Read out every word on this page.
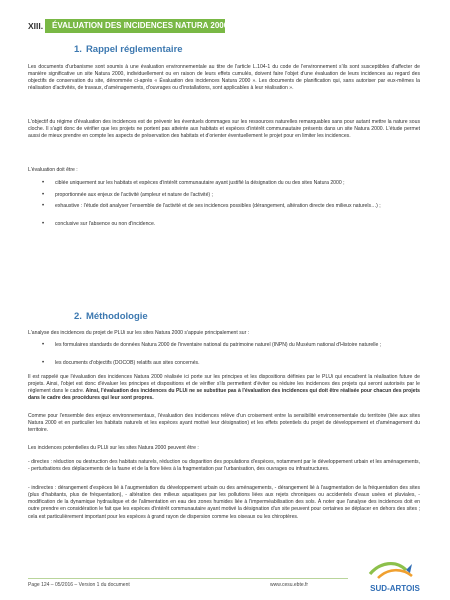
XIII. ÉVALUATION DES INCIDENCES NATURA 2000
1. Rappel réglementaire
Les documents d'urbanisme sont soumis à une évaluation environnementale au titre de l'article L.104-1 du code de l'environnement s'ils sont susceptibles d'affecter de manière significative un site Natura 2000, individuellement ou en raison de leurs effets cumulés, doivent faire l'objet d'une évaluation de leurs incidences au regard des objectifs de conservation du site, dénommée ci-après « Évaluation des incidences Natura 2000 ». Les documents de planification qui, sans autoriser par eux-mêmes la réalisation d'activités, de travaux, d'aménagements, d'ouvrages ou d'installations, sont applicables à leur réalisation ».
L'objectif du régime d'évaluation des incidences est de prévenir les éventuels dommages sur les ressources naturelles remarquables sans pour autant mettre la nature sous cloche. Il s'agit donc de vérifier que les projets ne portent pas atteinte aux habitats et espèces d'intérêt communautaire présents dans un site Natura 2000. L'étude permet aussi de mieux prendre en compte les aspects de préservation des habitats et d'orienter éventuellement le projet pour en limiter les incidences.
L'évaluation doit être :
• ciblée uniquement sur les habitats et espèces d'intérêt communautaire ayant justifié la désignation du ou des sites Natura 2000 ;
• proportionnée aux enjeux de l'activité (ampleur et nature de l'activité) ;
• exhaustive : l'étude doit analyser l'ensemble de l'activité et de ses incidences possibles (dérangement, altération directe des milieux naturels…) ;
• conclusive sur l'absence ou non d'incidence.
2. Méthodologie
L'analyse des incidences du projet de PLUi sur les sites Natura 2000 s'appuie principalement sur :
• les formulaires standards de données Natura 2000 de l'inventaire national du patrimoine naturel (INPN) du Muséum national d'Histoire naturelle ;
• les documents d'objectifs (DOCOB) relatifs aux sites concernés.
Il est rappelé que l'évaluation des incidences Natura 2000 réalisée ici porte sur les principes et les dispositions définies par le PLUi qui encadrent la réalisation future de projets. Ainsi, l'objet est donc d'évaluer les principes et dispositions et de vérifier s'ils permettent d'éviter ou réduire les incidences des projets qui seront autorisés par le règlement dans le cadre. Ainsi, l'évaluation des incidences du PLUi ne se substitue pas à l'évaluation des incidences qui doit être réalisée pour chacun des projets dans le cadre des procédures qui leur sont propres.
Comme pour l'ensemble des enjeux environnementaux, l'évaluation des incidences relève d'un croisement entre la sensibilité environnementale du territoire (liée aux sites Natura 2000 et en particulier les habitats naturels et les espèces ayant motivé leur désignation) et les effets potentiels du projet de développement et d'aménagement du territoire.
Les incidences potentielles du PLUi sur les sites Natura 2000 peuvent être :
- directes : réduction ou destruction des habitats naturels, réduction ou disparition des populations d'espèces, notamment par le développement urbain et les aménagements, - perturbations des déplacements de la faune et de la flore liées à la fragmentation par l'urbanisation, des ouvrages ou infrastructures.
- indirectes : dérangement d'espèces lié à l'augmentation du développement urbain ou des aménagements, - dérangement lié à l'augmentation de la fréquentation des sites (plus d'habitants, plus de fréquentation), - altération des milieux aquatiques par les pollutions liées aux rejets chroniques ou accidentels d'eaux usées et pluviales, - modification de la dynamique hydraulique et de l'alimentation en eau des zones humides liée à l'imperméabilisation des sols. À noter que l'analyse des incidences doit en outre prendre en considération le fait que les espèces d'intérêt communautaire ayant motivé la désignation d'un site peuvent pour certaines se déplacer en dehors des sites ; cela est particulièrement important pour les espèces à grand rayon de dispersion comme les oiseaux ou les chiroptères.
Page 124 – 05/2016 – Version 1 du document	www.cesu.ebte.fr	SUD-ARTOIS
